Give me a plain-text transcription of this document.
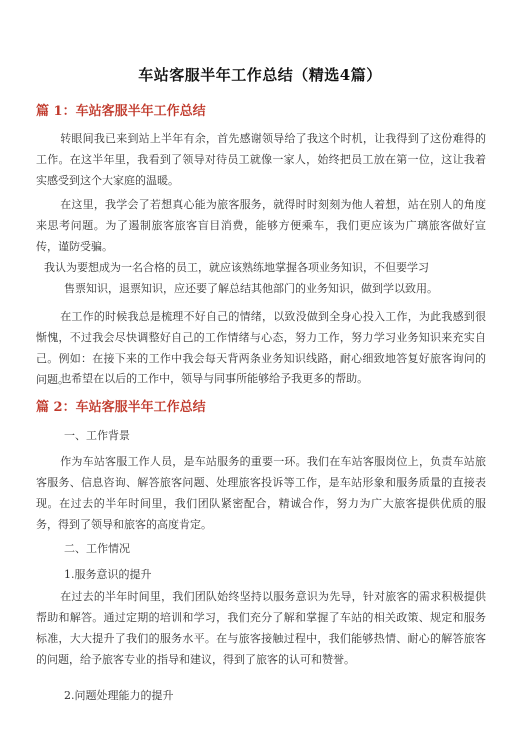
车站客服半年工作总结（精选4篇）
篇 1：车站客服半年工作总结

转眼间我已来到站上半年有余，首先感谢领导给了我这个时机，让我得到了这份难得的工作。在这半年里，我看到了领导对待员工就像一家人，始终把员工放在第一位，这让我着实感受到这个大家庭的温暖。

在这里，我学会了若想真心能为旅客服务，就得时时刻刻为他人着想，站在别人的角度来思考问题。为了遏制旅客旅客盲目消费，能够方便乘车，我们更应该为广璃旅客做好宣传，谨防受骗。

我认为要想成为一名合格的员工，就应该熟练地掌握各项业务知识，不但要学习
售票知识，退票知识，应还要了解总结其他部门的业务知识，做到学以致用。

在工作的时候我总是梳理不好自己的情绪，以致没做到全身心投入工作，为此我感到很惭愧，不过我会尽快调整好自己的工作情绪与心态，努力工作，努力学习业务知识来充实自己。例如：在接下来的工作中我会每天背两条业务知识线路，耐心细致地答复好旅客询问的问题。

也希望在以后的工作中，领导与同事所能够给予我更多的帮助。

篇 2：车站客服半年工作总结
一、工作背景

作为车站客服工作人员，是车站服务的重要一环。我们在车站客服岗位上，负责车站旅客服务、信息咨询、解答旅客问题、处理旅客投诉等工作，是车站形象和服务质量的直接表现。在过去的半年时间里，我们团队紧密配合，精诚合作，努力为广大旅客提供优质的服务，得到了领导和旅客的高度肯定。

二、工作情况
1.服务意识的提升

在过去的半年时间里，我们团队始终坚持以服务意识为先导，针对旅客的需求积极提供帮助和解答。通过定期的培训和学习，我们充分了解和掌握了车站的相关政策、规定和服务标准，大大提升了我们的服务水平。在与旅客接触过程中，我们能够热情、耐心的解答旅客的问题，给予旅客专业的指导和建议，得到了旅客的认可和赞誉。

2.问题处理能力的提升
